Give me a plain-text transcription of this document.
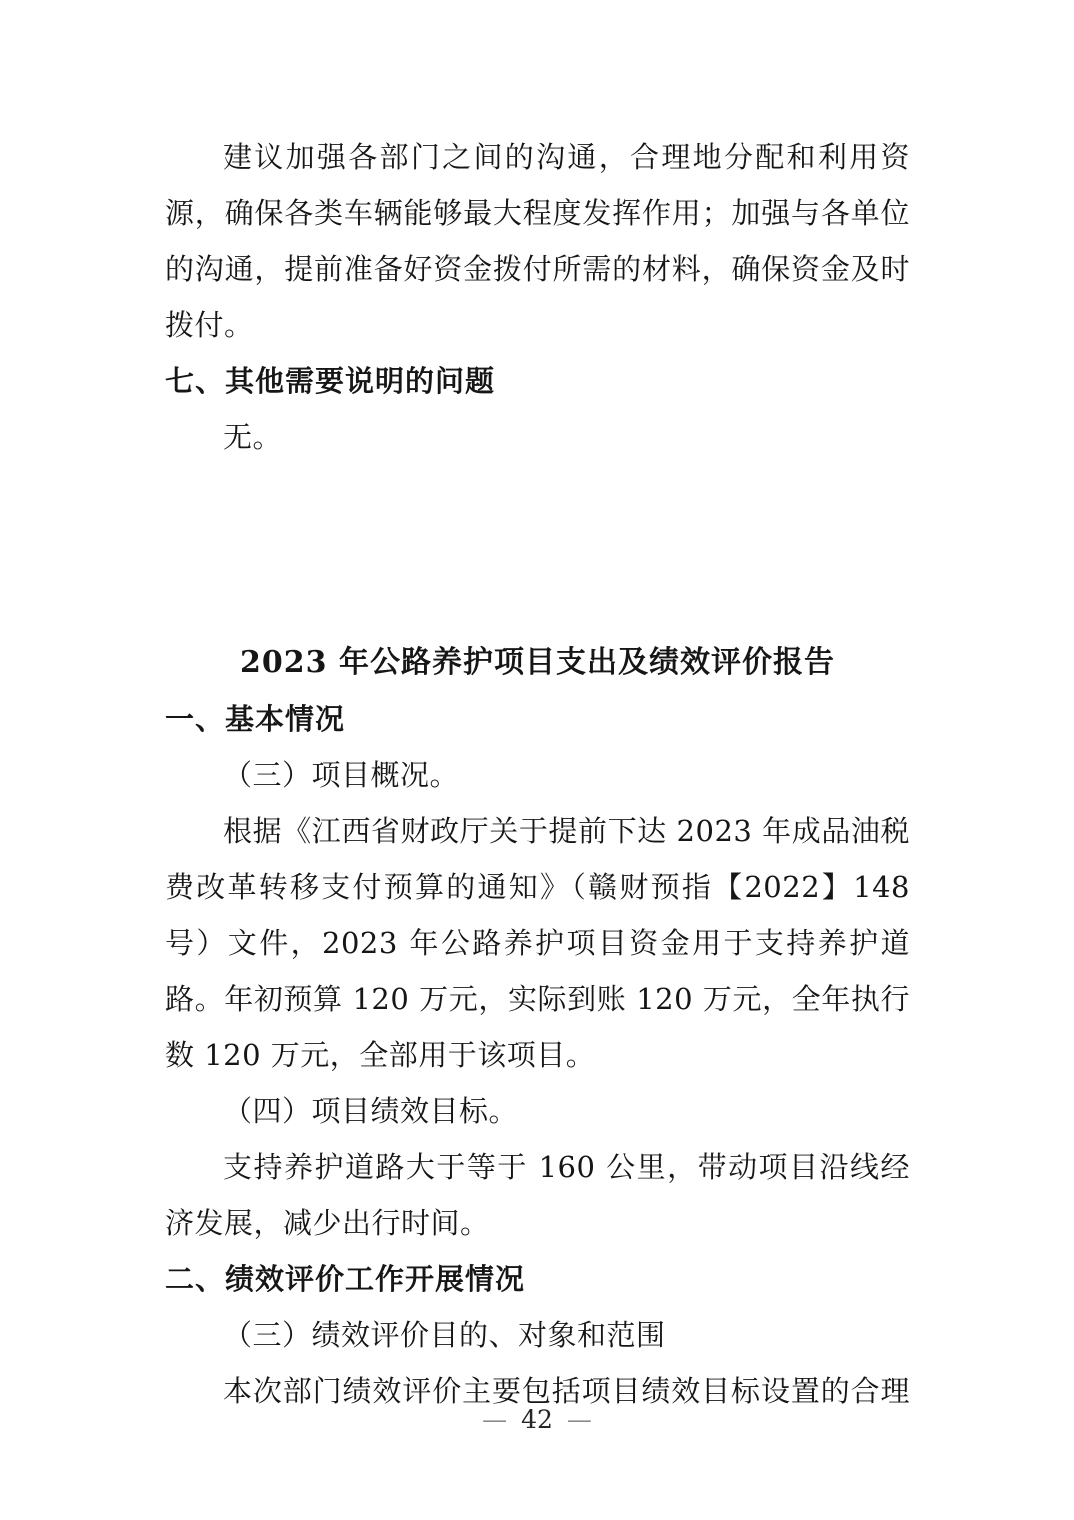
建议加强各部门之间的沟通，合理地分配和利用资源，确保各类车辆能够最大程度发挥作用；加强与各单位的沟通，提前准备好资金拨付所需的材料，确保资金及时拨付。

七、其他需要说明的问题

无。

2023 年公路养护项目支出及绩效评价报告
一、基本情况

（三）项目概况。

根据《江西省财政厅关于提前下达 2023 年成品油税费改革转移支付预算的通知》（赣财预指【2022】148 号）文件，2023 年公路养护项目资金用于支持养护道路。年初预算 120 万元，实际到账 120 万元，全年执行数 120 万元，全部用于该项目。

（四）项目绩效目标。

支持养护道路大于等于 160 公里，带动项目沿线经济发展，减少出行时间。

二、绩效评价工作开展情况

（三）绩效评价目的、对象和范围

本次部门绩效评价主要包括项目绩效目标设置的合理

— 42 —
